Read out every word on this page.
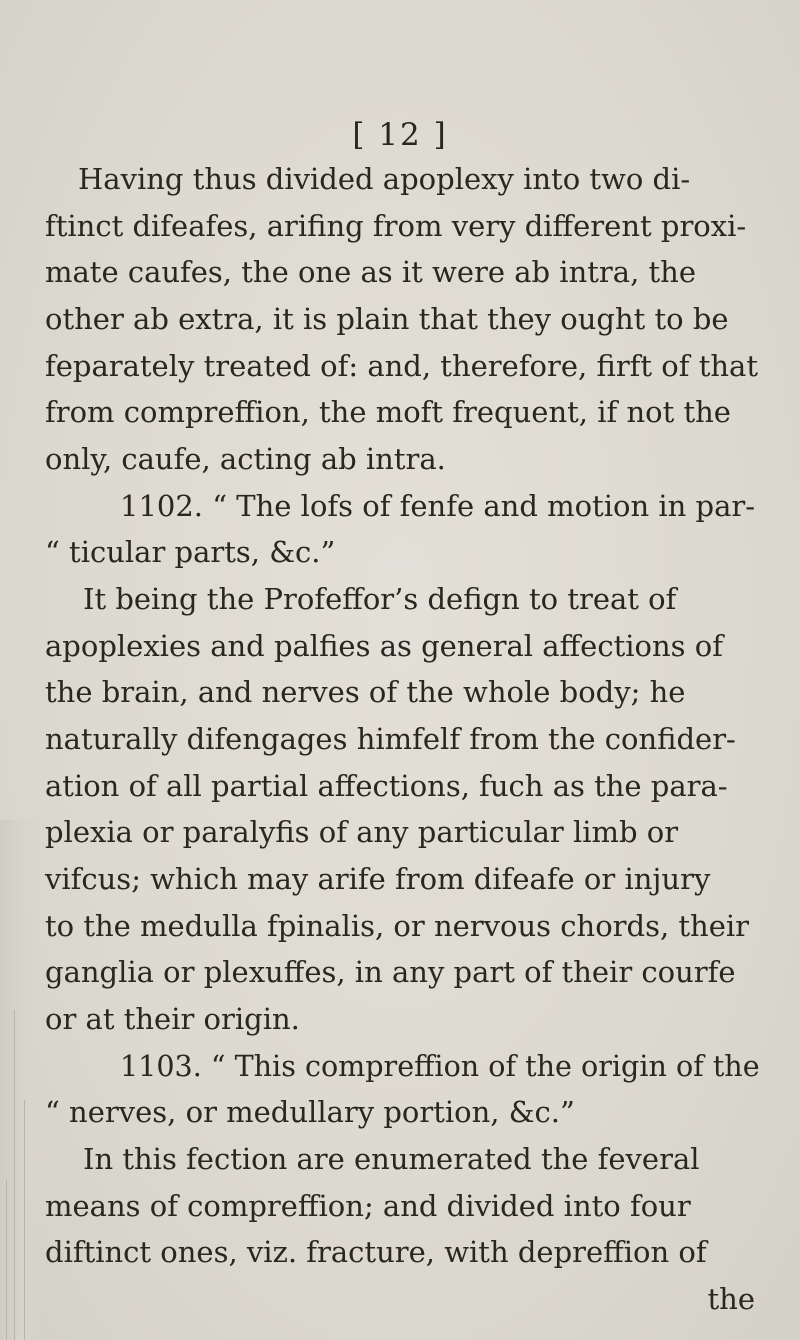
[ 12 ]
Having thus divided apoplexy into two di-
ftinct difeafes, arifing from very different proxi-
mate caufes, the one as it were ab intra, the
other ab extra, it is plain that they ought to be
feparately treated of: and, therefore, firft of that
from compreffion, the moft frequent, if not the
only, caufe, acting ab intra.
1102. “ The lofs of fenfe and motion in par-
“ ticular parts, &c.”
It being the Profeffor’s defign to treat of
apoplexies and palfies as general affections of
the brain, and nerves of the whole body; he
naturally difengages himfelf from the confider-
ation of all partial affections, fuch as the para-
plexia or paralyfis of any particular limb or
vifcus; which may arife from difeafe or injury
to the medulla fpinalis, or nervous chords, their
ganglia or plexuffes, in any part of their courfe
or at their origin.
1103. “ This compreffion of the origin of the
“ nerves, or medullary portion, &c.”
In this fection are enumerated the feveral
means of compreffion; and divided into four
diftinct ones, viz. fracture, with depreffion of
the
